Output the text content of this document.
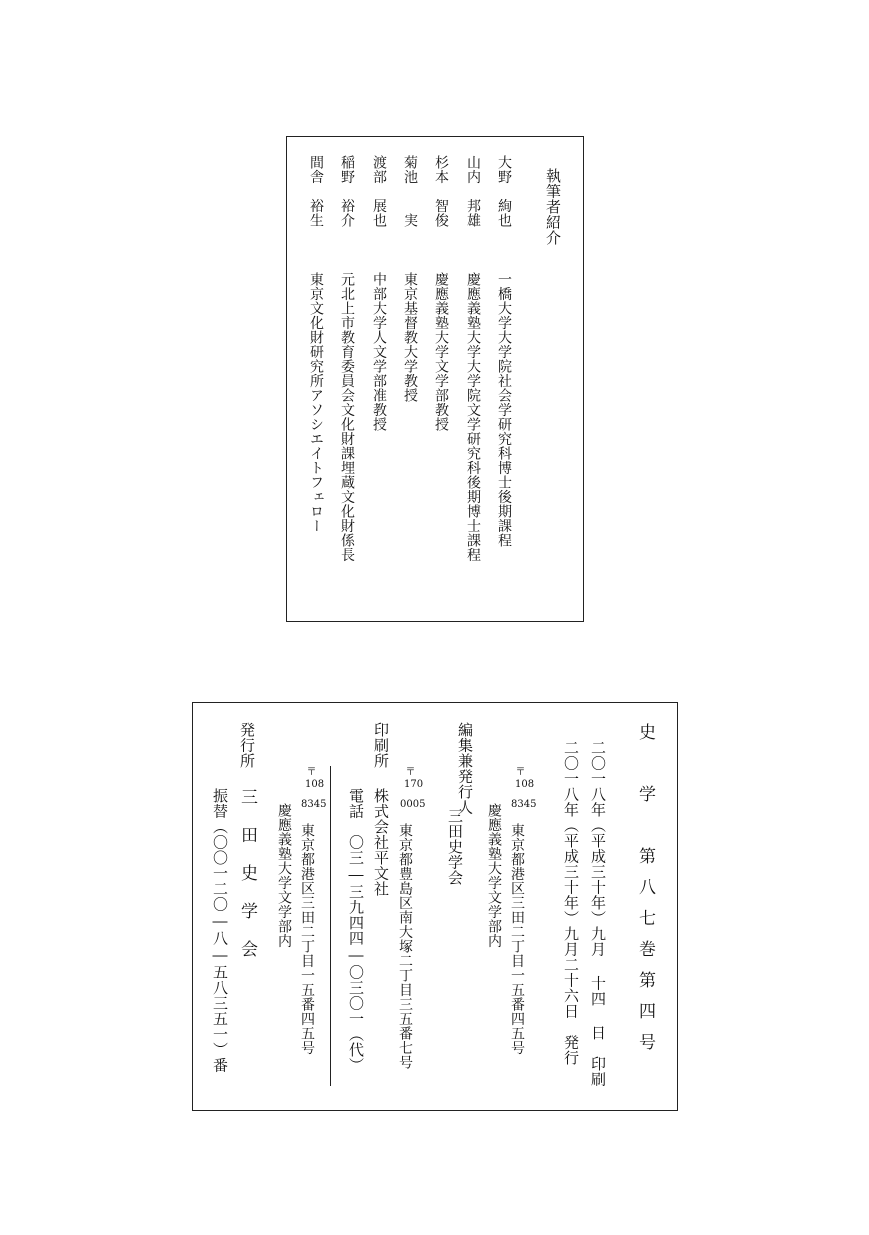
執筆者紹介
大野　絢也
一橋大学大学院社会学研究科博士後期課程
山内　邦雄
慶應義塾大学大学院文学研究科後期博士課程
杉本　智俊
慶應義塾大学文学部教授
菊池　　実
東京基督教大学教授
渡部　展也
中部大学人文学部准教授
稲野　裕介
元北上市教育委員会文化財課埋蔵文化財係長
間舎　裕生
東京文化財研究所アソシエイトフェロー
史　学　第八七巻第四号
二〇一八年（平成三十年）九月 十四 日　印刷
二〇一八年（平成三十年）九月二十六日　発行
編集兼発行人	〒
108
8345
東京都港区三田二丁目一五番四五号
慶應義塾大学文学部内
三田史学会
印刷所
〒
170
0005
東京都豊島区南大塚二丁目三五番七号
株式会社平文社
電話　〇三―三九四四―〇三〇一（代）
発行所
〒
108
8345
東京都港区三田二丁目一五番四五号
慶應義塾大学文学部内
三 田 史 学 会
振替（〇〇一二〇―八―五八三五一）番
